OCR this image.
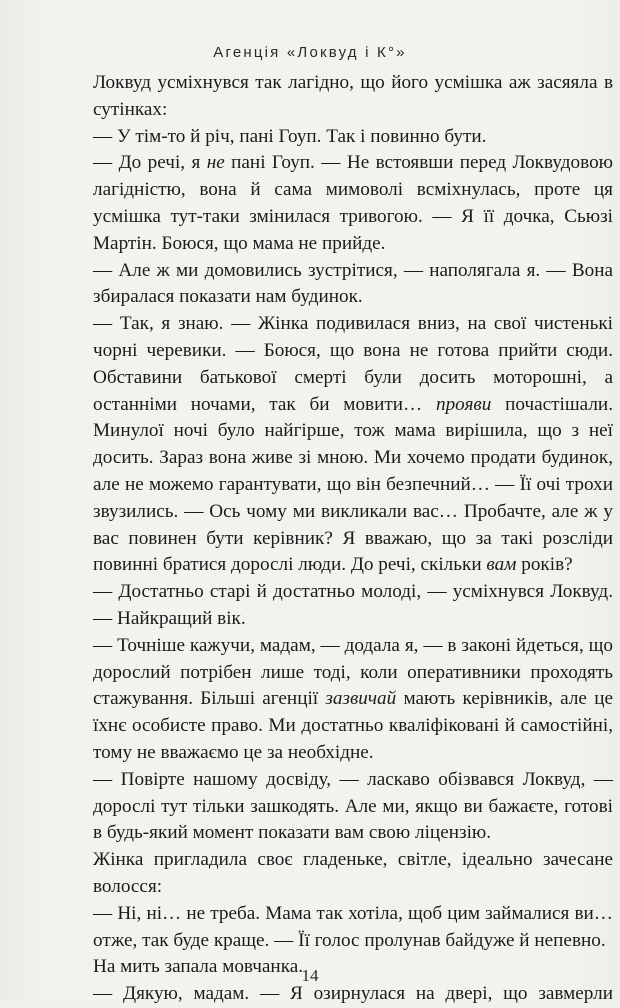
Агенція «Локвуд і К°»

Локвуд усміхнувся так лагідно, що його усмішка аж засяяла в сутінках:

— У тім-то й річ, пані Гоуп. Так і повинно бути.

— До речі, я не пані Гоуп. — Не встоявши перед Локвудовою лагідністю, вона й сама мимоволі всміхнулась, проте ця усмішка тут-таки змінилася тривогою. — Я її дочка, Сьюзі Мартін. Боюся, що мама не прийде.

— Але ж ми домовились зустрітися, — наполягала я. — Вона збиралася показати нам будинок.

— Так, я знаю. — Жінка подивилася вниз, на свої чистенькі чорні черевики. — Боюся, що вона не готова прийти сюди. Обставини батькової смерті були досить моторошні, а останніми ночами, так би мовити… прояви почастішали. Минулої ночі було найгірше, тож мама вирішила, що з неї досить. Зараз вона живе зі мною. Ми хочемо продати будинок, але не можемо гарантувати, що він безпечний… — Її очі трохи звузились. — Ось чому ми викликали вас… Пробачте, але ж у вас повинен бути керівник? Я вважаю, що за такі розсліди повинні братися дорослі люди. До речі, скільки вам років?

— Достатньо старі й достатньо молоді, — усміхнувся Локвуд. — Найкращий вік.

— Точніше кажучи, мадам, — додала я, — в законі йдеться, що дорослий потрібен лише тоді, коли оперативники проходять стажування. Більші агенції зазвичай мають керівників, але це їхнє особисте право. Ми достатньо кваліфіковані й самостійні, тому не вважаємо це за необхідне.

— Повірте нашому досвіду, — ласкаво обізвався Локвуд, — дорослі тут тільки зашкодять. Але ми, якщо ви бажаєте, готові в будь-який момент показати вам свою ліцензію.

Жінка пригладила своє гладеньке, світле, ідеально зачесане волосся:

— Ні, ні… не треба. Мама так хотіла, щоб цим займалися ви… отже, так буде краще. — Її голос пролунав байдуже й непевно.

На мить запала мовчанка.

— Дякую, мадам. — Я озирнулася на двері, що завмерли

14
